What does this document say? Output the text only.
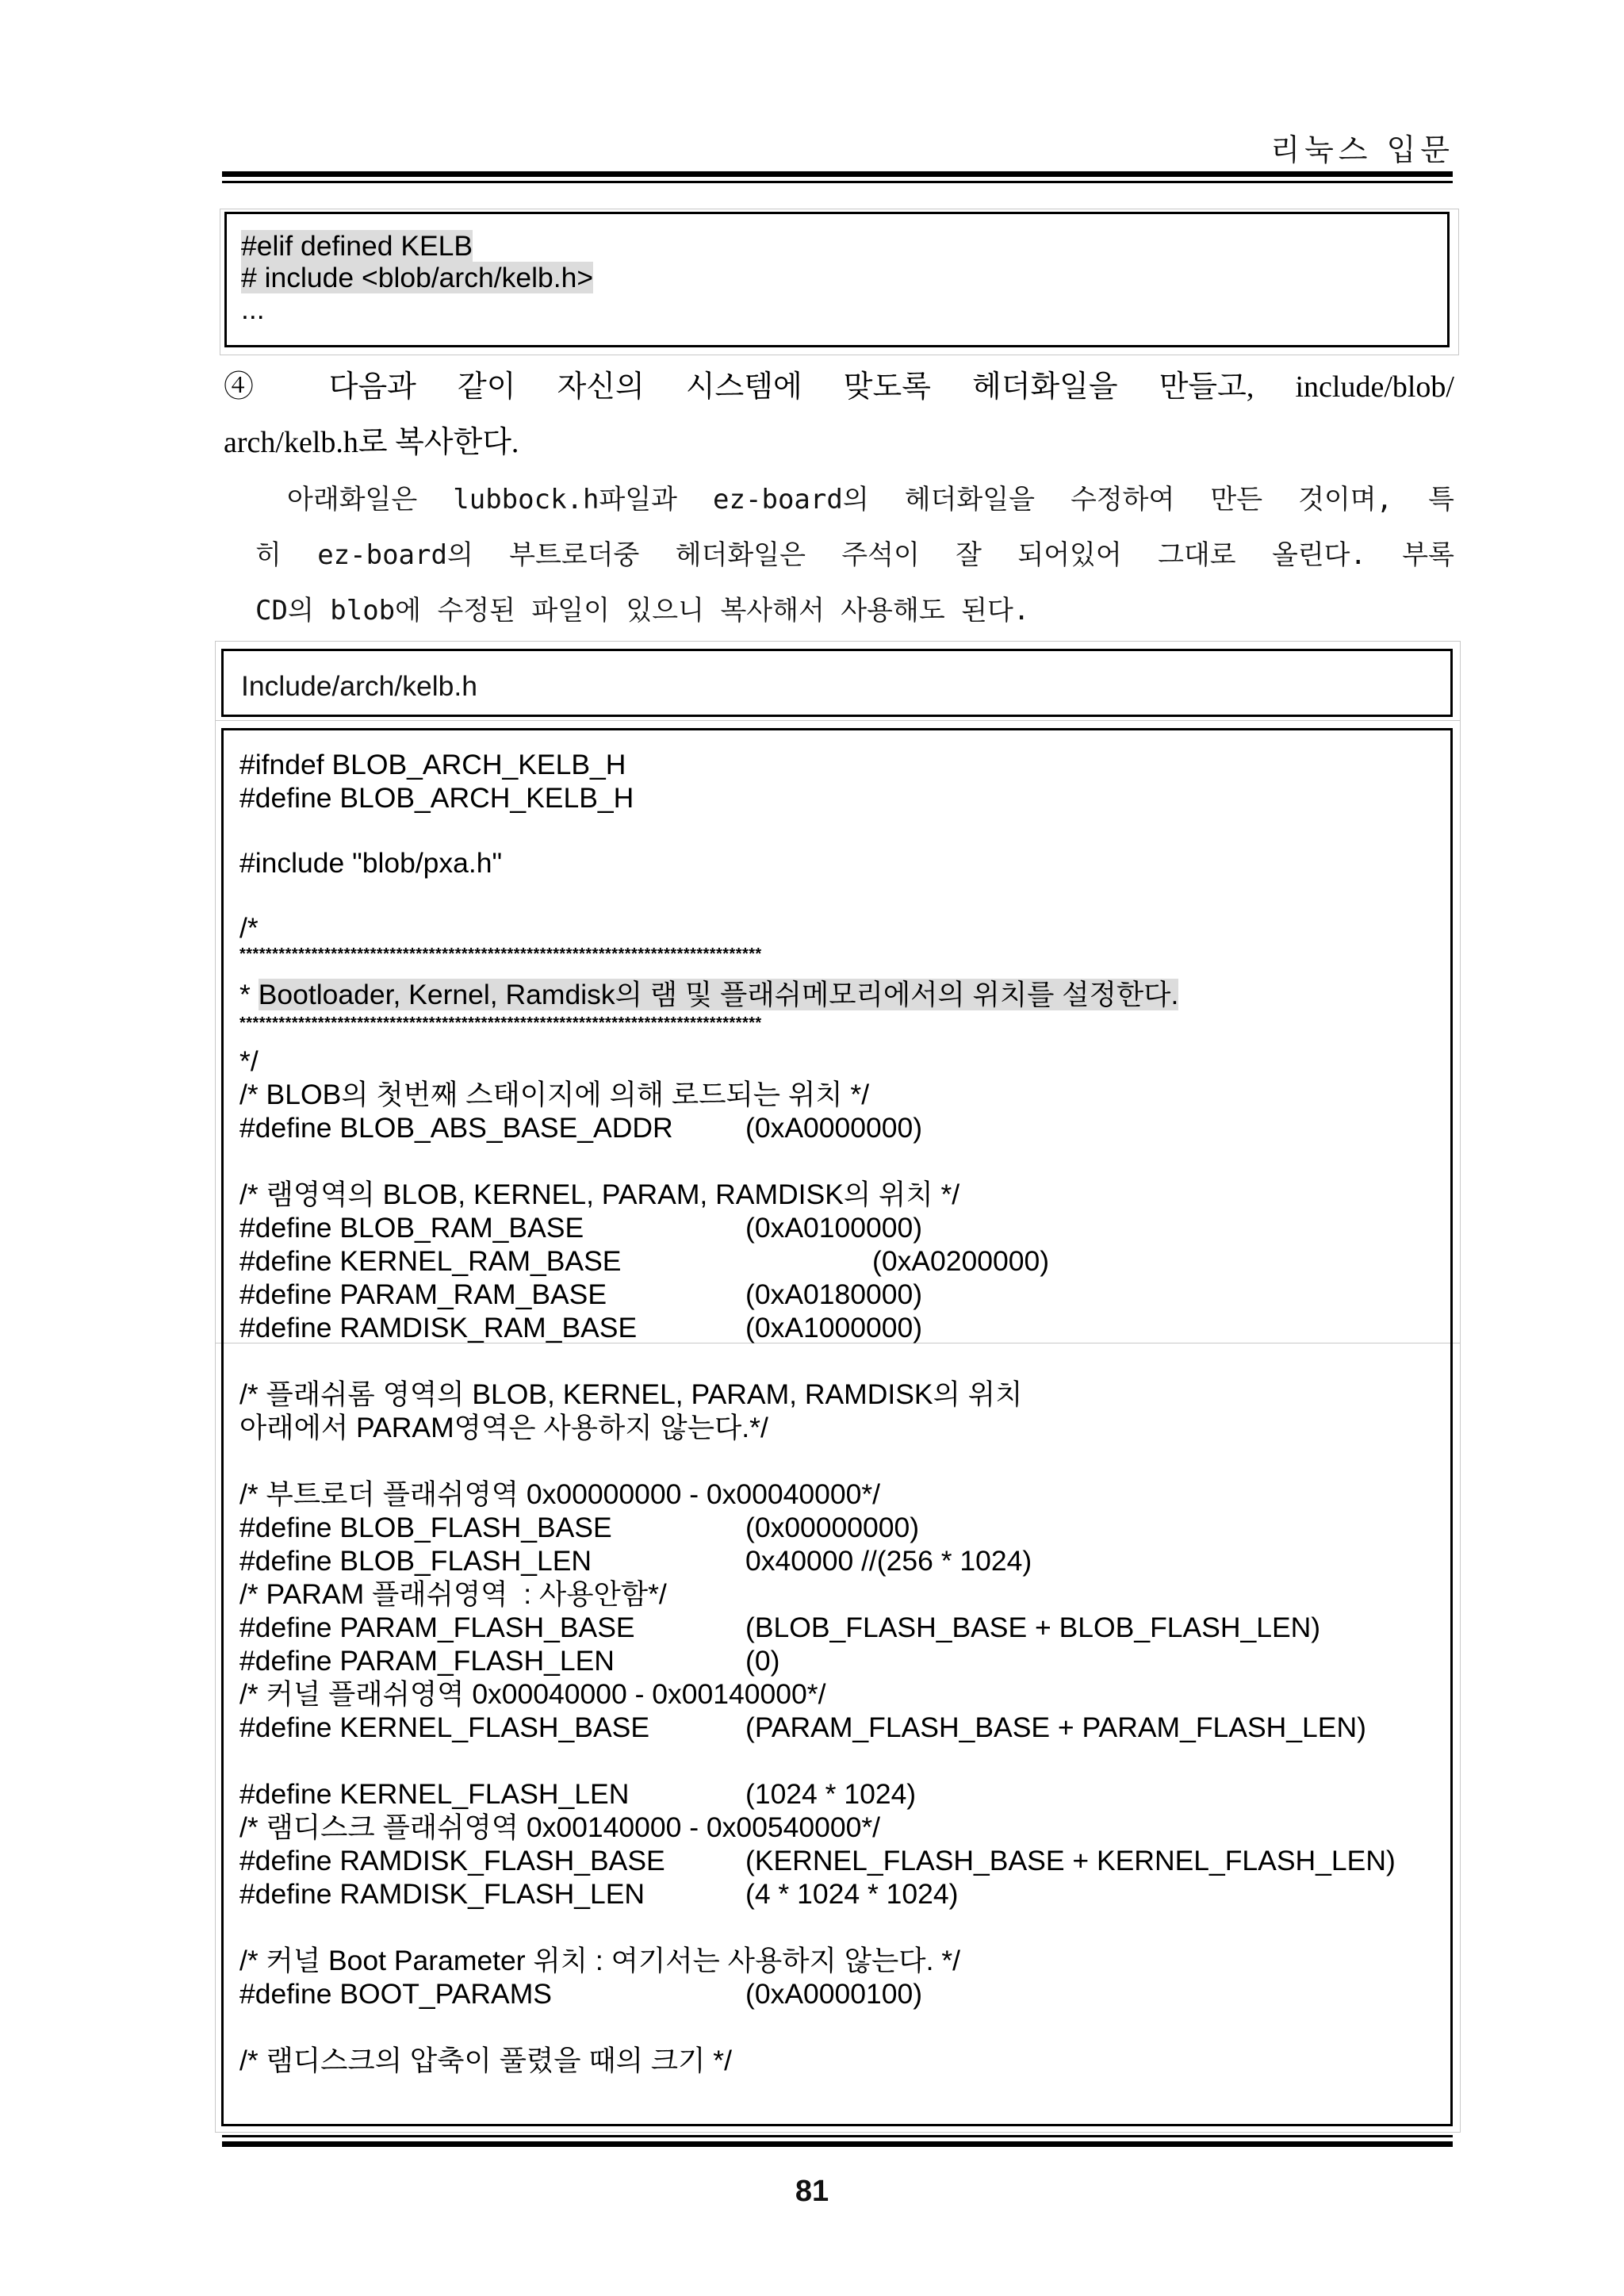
리눅스 입문
#elif defined KELB
# include <blob/arch/kelb.h>
...
④ 다음과 같이 자신의 시스템에 맞도록 헤더화일을 만들고, include/blob/
arch/kelb.h로 복사한다.
아래화일은 lubbock.h파일과 ez-board의 헤더화일을 수정하여 만든 것이며, 특
히 ez-board의 부트로더중 헤더화일은 주석이 잘 되어있어 그대로 올린다. 부록
CD의 blob에 수정된 파일이 있으니 복사해서 사용해도 된다.
Include/arch/kelb.h
#ifndef BLOB_ARCH_KELB_H
#define BLOB_ARCH_KELB_H
#include "blob/pxa.h"
/*
********************************************************************************
* Bootloader, Kernel, Ramdisk의 램 및 플래쉬메모리에서의 위치를 설정한다.
********************************************************************************
*/
/* BLOB의 첫번째 스태이지에 의해 로드되는 위치 */
#define BLOB_ABS_BASE_ADDR	(0xA0000000)
/* 램영역의 BLOB, KERNEL, PARAM, RAMDISK의 위치 */
#define BLOB_RAM_BASE	(0xA0100000)
#define KERNEL_RAM_BASE	(0xA0200000)
#define PARAM_RAM_BASE	(0xA0180000)
#define RAMDISK_RAM_BASE	(0xA1000000)
/* 플래쉬롬 영역의 BLOB, KERNEL, PARAM, RAMDISK의 위치
아래에서 PARAM영역은 사용하지 않는다.*/
/* 부트로더 플래쉬영역 0x00000000 - 0x00040000*/
#define BLOB_FLASH_BASE	(0x00000000)
#define BLOB_FLASH_LEN	0x40000 //(256 * 1024)
/* PARAM 플래쉬영역  : 사용안함*/
#define PARAM_FLASH_BASE	(BLOB_FLASH_BASE + BLOB_FLASH_LEN)
#define PARAM_FLASH_LEN	(0)
/* 커널 플래쉬영역 0x00040000 - 0x00140000*/
#define KERNEL_FLASH_BASE	(PARAM_FLASH_BASE + PARAM_FLASH_LEN)
#define KERNEL_FLASH_LEN	(1024 * 1024)
/* 램디스크 플래쉬영역 0x00140000 - 0x00540000*/
#define RAMDISK_FLASH_BASE	(KERNEL_FLASH_BASE + KERNEL_FLASH_LEN)
#define RAMDISK_FLASH_LEN	(4 * 1024 * 1024)
/* 커널 Boot Parameter 위치 : 여기서는 사용하지 않는다. */
#define BOOT_PARAMS	(0xA0000100)
/* 램디스크의 압축이 풀렸을 때의 크기 */
81
